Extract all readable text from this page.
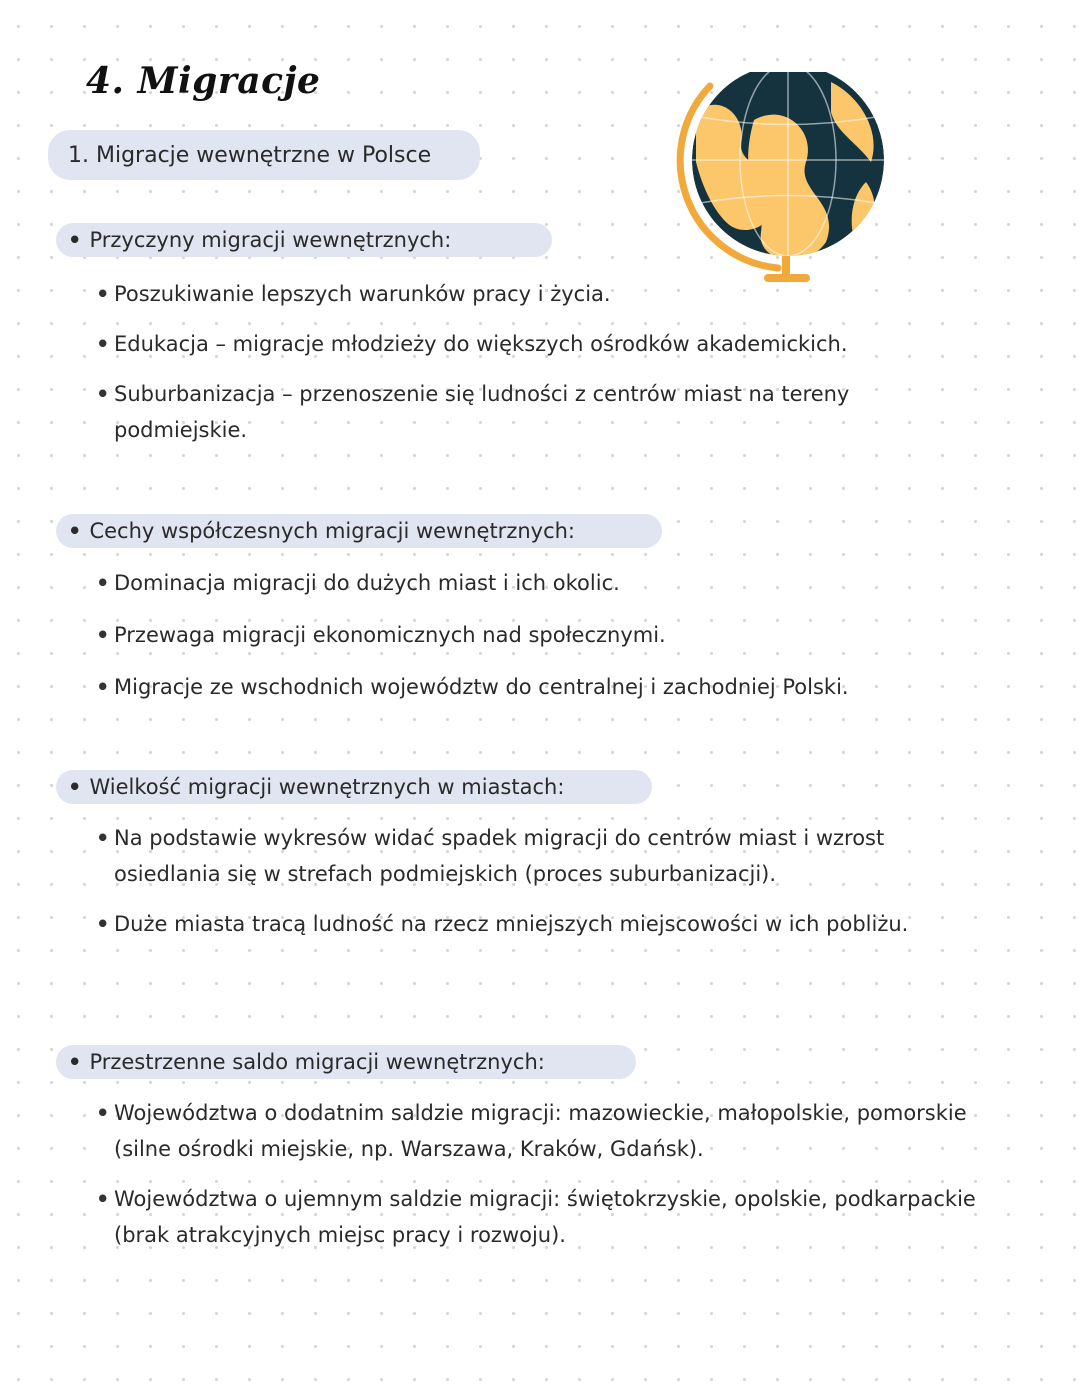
4. Migracje
1. Migracje wewnętrzne w Polsce
• Przyczyny migracji wewnętrznych:
• Poszukiwanie lepszych warunków pracy i życia.
• Edukacja – migracje młodzieży do większych ośrodków akademickich.
• Suburbanizacja – przenoszenie się ludności z centrów miast na tereny podmiejskie.
• Cechy współczesnych migracji wewnętrznych:
• Dominacja migracji do dużych miast i ich okolic.
• Przewaga migracji ekonomicznych nad społecznymi.
• Migracje ze wschodnich województw do centralnej i zachodniej Polski.
• Wielkość migracji wewnętrznych w miastach:
• Na podstawie wykresów widać spadek migracji do centrów miast i wzrost osiedlania się w strefach podmiejskich (proces suburbanizacji).
• Duże miasta tracą ludność na rzecz mniejszych miejscowości w ich pobliżu.
• Przestrzenne saldo migracji wewnętrznych:
• Województwa o dodatnim saldzie migracji: mazowieckie, małopolskie, pomorskie (silne ośrodki miejskie, np. Warszawa, Kraków, Gdańsk).
• Województwa o ujemnym saldzie migracji: świętokrzyskie, opolskie, podkarpackie (brak atrakcyjnych miejsc pracy i rozwoju).
